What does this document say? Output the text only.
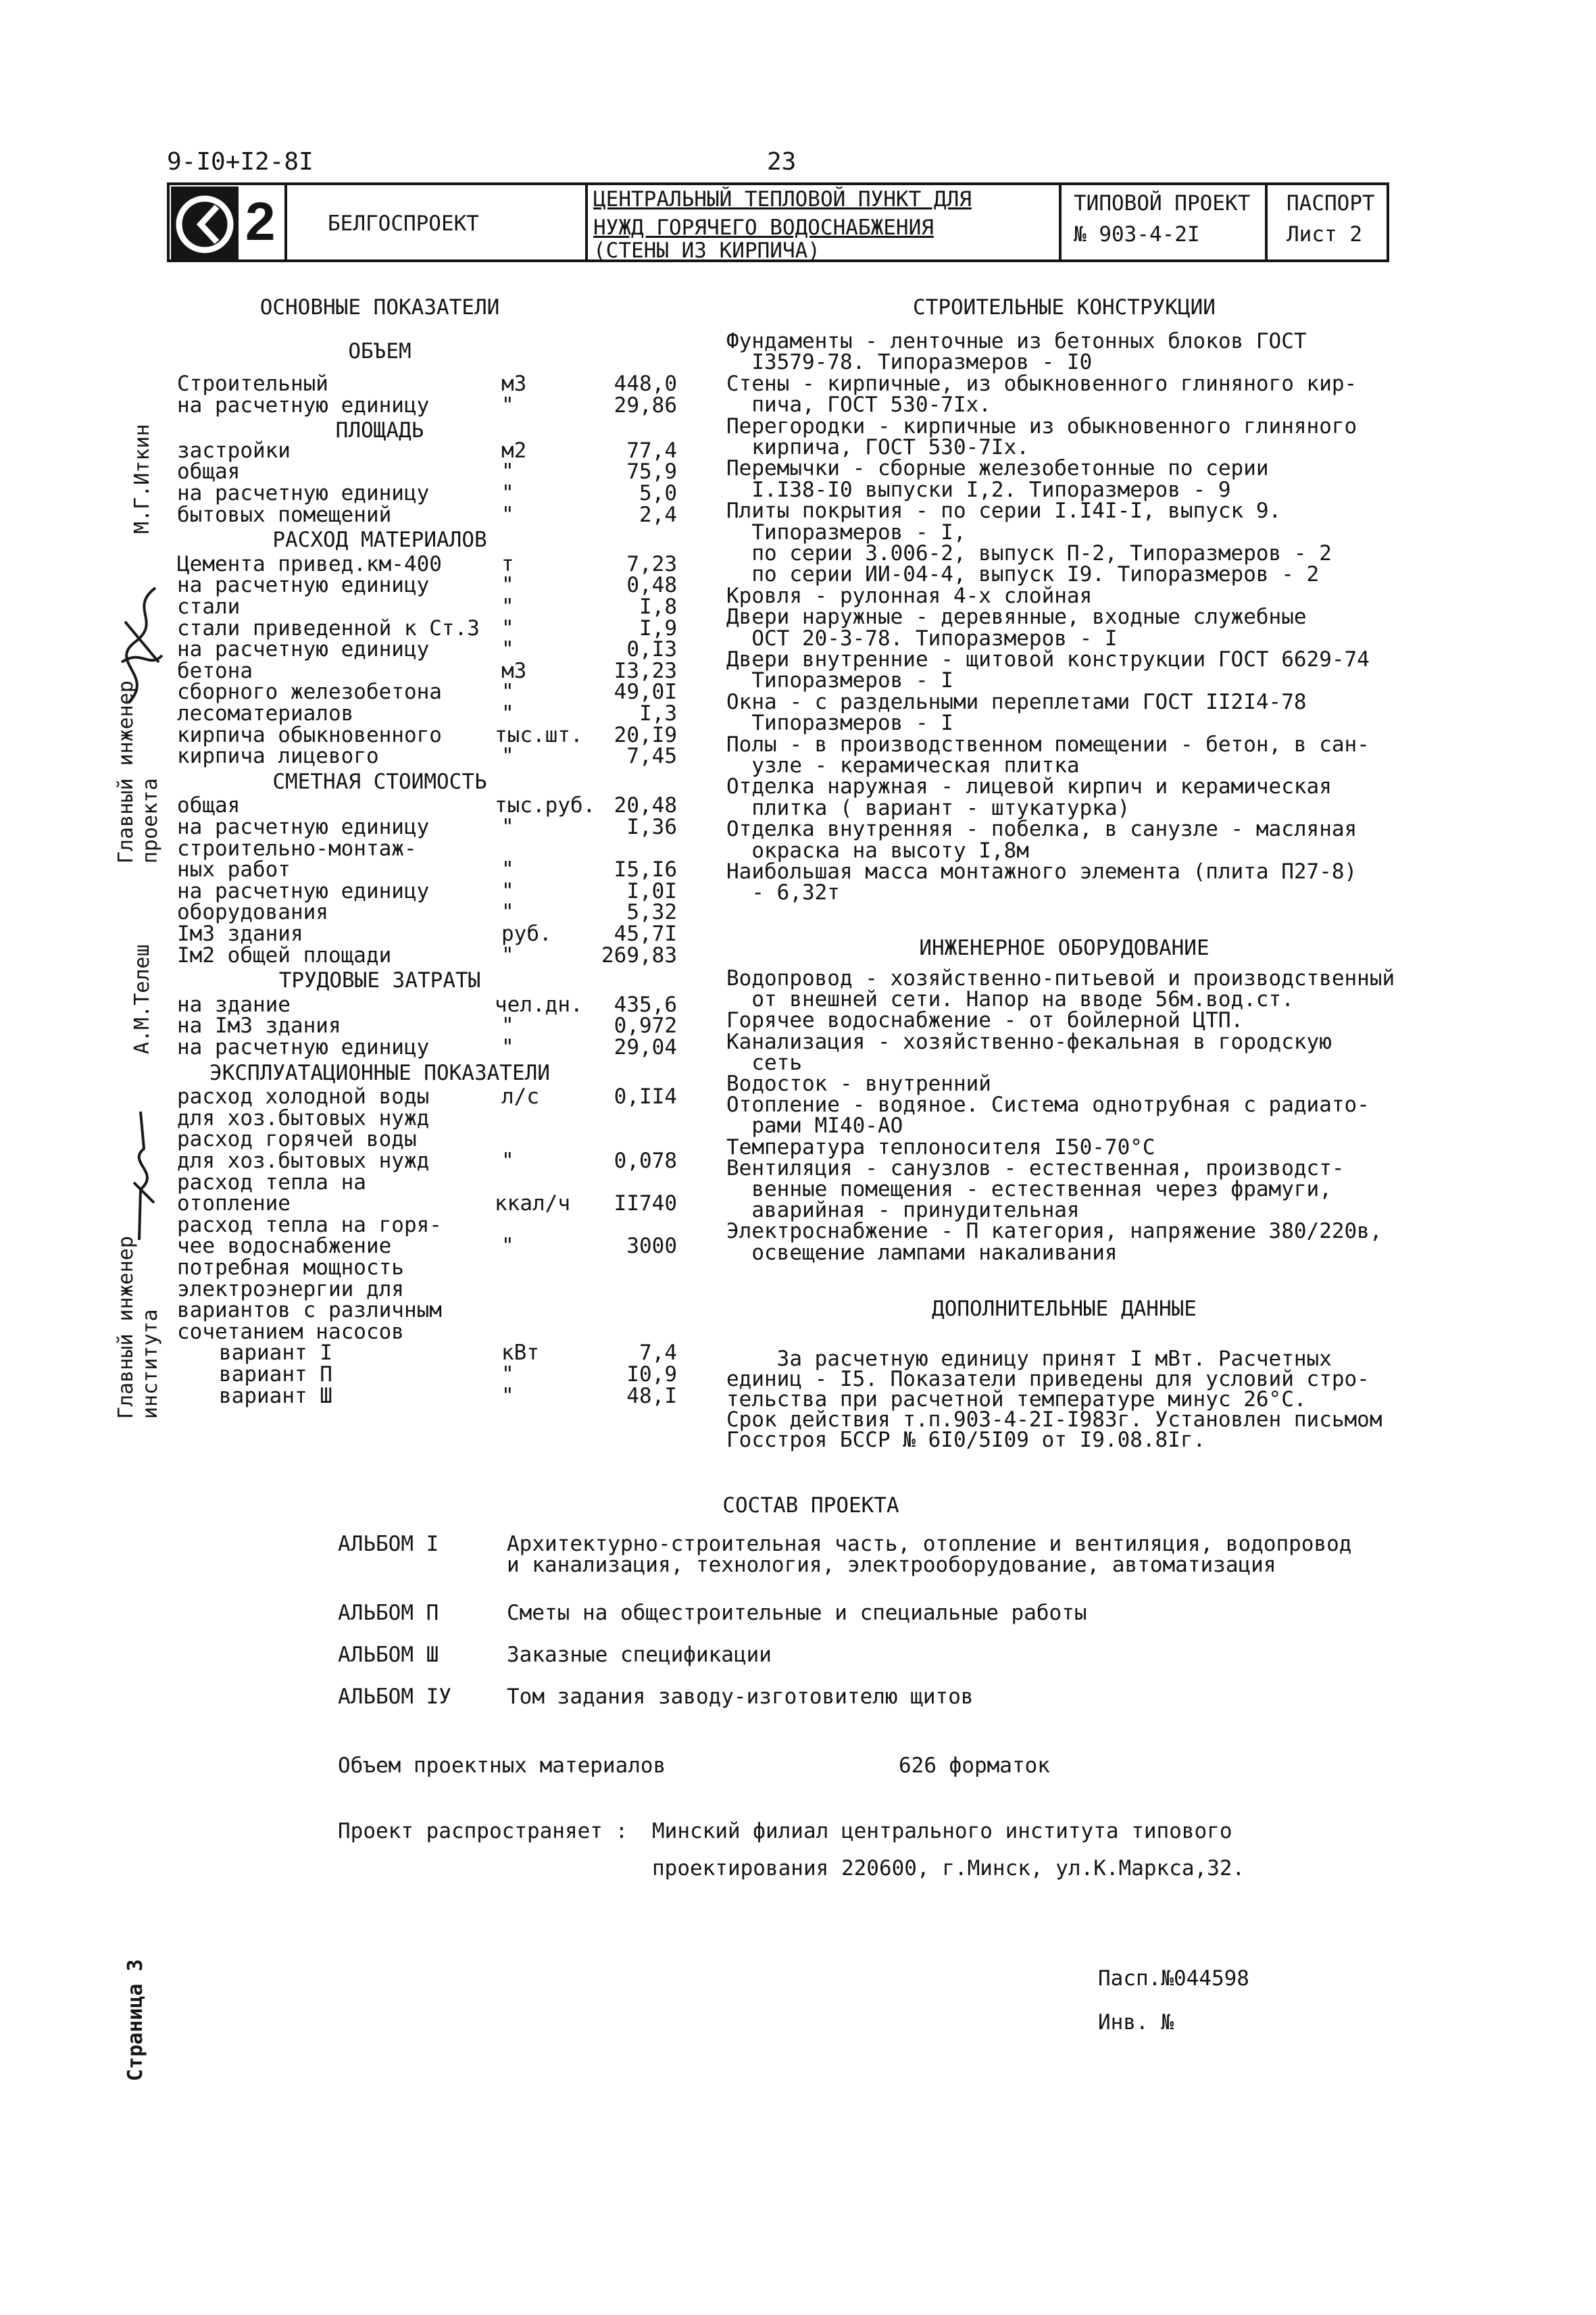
9-I0+I2-8I	23
2	БЕЛГОСПРОЕКТ
ЦЕНТРАЛЬНЫЙ ТЕПЛОВОЙ ПУНКТ ДЛЯ
НУЖД ГОРЯЧЕГО ВОДОСНАБЖЕНИЯ
(СТЕНЫ ИЗ КИРПИЧА)
ТИПОВОЙ ПРОЕКТ
№ 903-4-2I
ПАСПОРТ
Лист 2
Главный инженер проекта
М.Г.Иткин
А.М.Телеш
Главный инженер института
Страница 3
ОСНОВНЫЕ ПОКАЗАТЕЛИ
ОБЪЕМ
Строительный	м3	448,0
на расчетную единицу	"	29,86
ПЛОЩАДЬ
застройки	м2	77,4
общая	"	75,9
на расчетную единицу	"	5,0
бытовых помещений	"	2,4
РАСХОД МАТЕРИАЛОВ
Цемента привед.км-400	т	7,23
на расчетную единицу	"	0,48
стали	"	I,8
стали приведенной к Ст.3 "	I,9
на расчетную единицу	"	0,I3
бетона	м3	I3,23
сборного железобетона	"	49,0I
лесоматериалов	"	I,3
кирпича обыкновенного	тыс.шт. 20,I9
кирпича лицевого	"	7,45
СМЕТНАЯ СТОИМОСТЬ
общая	тыс.руб. 20,48
на расчетную единицу	"	I,36
строительно-монтаж-
ных работ	"	I5,I6
на расчетную единицу	"	I,0I
оборудования	"	5,32
IмЗ здания	руб.	45,7I
Iм2 общей площади	"	269,83
ТРУДОВЫЕ ЗАТРАТЫ
на здание	чел.дн. 435,6
на IмЗ здания	"	0,972
на расчетную единицу	"	29,04
ЭКСПЛУАТАЦИОННЫЕ ПОКАЗАТЕЛИ
расход холодной воды	л/с	0,II4
для хоз.бытовых нужд
расход горячей воды
для хоз.бытовых нужд	"	0,078
расход тепла на
отопление	ккал/ч II740
расход тепла на горя-
чее водоснабжение	"	3000
потребная мощность
электроэнергии для
вариантов с различным
сочетанием насосов
вариант I	кВт	7,4
вариант П	"	I0,9
вариант Ш	"	48,I
СТРОИТЕЛЬНЫЕ КОНСТРУКЦИИ
Фундаменты - ленточные из бетонных блоков ГОСТ
I3579-78. Типоразмеров - I0
Стены - кирпичные, из обыкновенного глиняного кир-
пича, ГОСТ 530-7Iх.
Перегородки - кирпичные из обыкновенного глиняного
кирпича, ГОСТ 530-7Iх.
Перемычки - сборные железобетонные по серии
I.I38-I0 выпуски I,2. Типоразмеров - 9
Плиты покрытия - по серии I.I4I-I, выпуск 9.
Типоразмеров - I,
по серии 3.006-2, выпуск П-2, Типоразмеров - 2
по серии ИИ-04-4, выпуск I9. Типоразмеров - 2
Кровля - рулонная 4-х слойная
Двери наружные - деревянные, входные служебные
ОСТ 20-3-78. Типоразмеров - I
Двери внутренние - щитовой конструкции ГОСТ 6629-74
Типоразмеров - I
Окна - с раздельными переплетами ГОСТ II2I4-78
Типоразмеров - I
Полы - в производственном помещении - бетон, в сан-
узле - керамическая плитка
Отделка наружная - лицевой кирпич и керамическая
плитка ( вариант - штукатурка)
Отделка внутренняя - побелка, в санузле - масляная
окраска на высоту I,8м
Наибольшая масса монтажного элемента (плита П27-8)
- 6,32т
ИНЖЕНЕРНОЕ ОБОРУДОВАНИЕ
Водопровод - хозяйственно-питьевой и производственный
от внешней сети. Напор на вводе 56м.вод.ст.
Горячее водоснабжение - от бойлерной ЦТП.
Канализация - хозяйственно-фекальная в городскую
сеть
Водосток - внутренний
Отопление - водяное. Система однотрубная с радиато-
рами МI40-АО
Температура теплоносителя I50-70°С
Вентиляция - санузлов - естественная, производст-
венные помещения - естественная через фрамуги,
аварийная - принудительная
Электроснабжение - П категория, напряжение 380/220в,
освещение лампами накаливания
ДОПОЛНИТЕЛЬНЫЕ ДАННЫЕ
За расчетную единицу принят I мВт. Расчетных
единиц - I5. Показатели приведены для условий стро-
тельства при расчетной температуре минус 26°С.
Срок действия т.п.903-4-2I-I983г. Установлен письмом
Госстроя БССР № 6I0/5I09 от I9.08.8Iг.
СОСТАВ ПРОЕКТА
АЛЬБОМ I	Архитектурно-строительная часть, отопление и вентиляция, водопровод
и канализация, технология, электрооборудование, автоматизация
АЛЬБОМ П	Сметы на общестроительные и специальные работы
АЛЬБОМ Ш	Заказные спецификации
АЛЬБОМ IУ	Том задания заводу-изготовителю щитов
Объем проектных материалов	626 форматок
Проект распространяет : Минский филиал центрального института типового
проектирования 220600, г.Минск, ул.К.Маркса,32.
Пасп.№044598
Инв. №
